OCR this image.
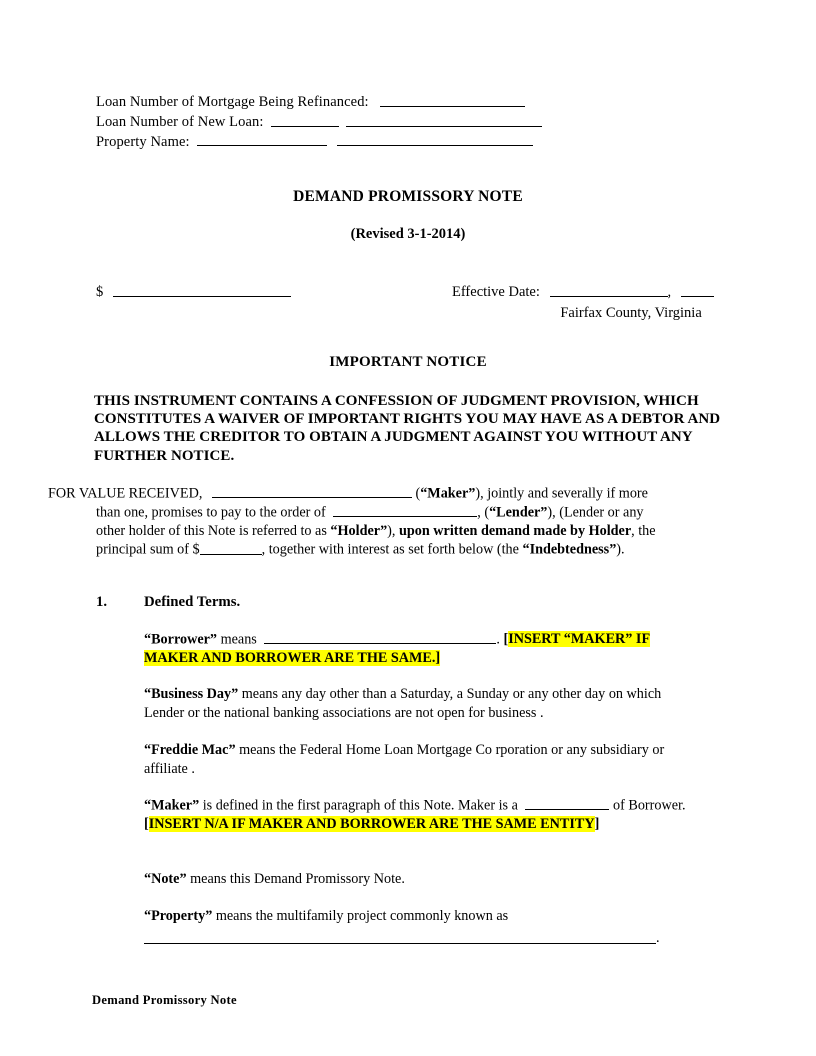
Loan Number of Mortgage Being Refinanced:
Loan Number of New Loan:
Property Name:
DEMAND PROMISSORY NOTE
(Revised 3-1-2014)
$	Effective Date:	,
Fairfax County, Virginia
IMPORTANT NOTICE
THIS INSTRUMENT CONTAINS A CONFESSION OF JUDGMENT PROVISION, WHICH CONSTITUTES A WAIVER OF IMPORTANT RIGHTS YOU MAY HAVE AS A DEBTOR AND ALLOWS THE CREDITOR TO OBTAIN A JUDGMENT AGAINST YOU WITHOUT ANY FURTHER NOTICE.
FOR VALUE RECEIVED,	(“Maker”), jointly and severally if more than one, promises to pay to the order of	, (“Lender”), (Lender or any other holder of this Note is referred to as “Holder”), upon written demand made by Holder, the principal sum of $	, together with interest as set forth below (the “Indebtedness”).
1. Defined Terms.
“Borrower” means	. [INSERT “MAKER” IF MAKER AND BORROWER ARE THE SAME.]
“Business Day” means any day other than a Saturday, a Sunday or any other day on which Lender or the national banking associations are not open for business .
“Freddie Mac” means the Federal Home Loan Mortgage Co rporation or any subsidiary or affiliate .
“Maker” is defined in the first paragraph of this Note. Maker is a	of Borrower. [INSERT N/A IF MAKER AND BORROWER ARE THE SAME ENTITY]
“Note” means this Demand Promissory Note.
“Property” means the multifamily project commonly known as
.
Demand Promissory Note
